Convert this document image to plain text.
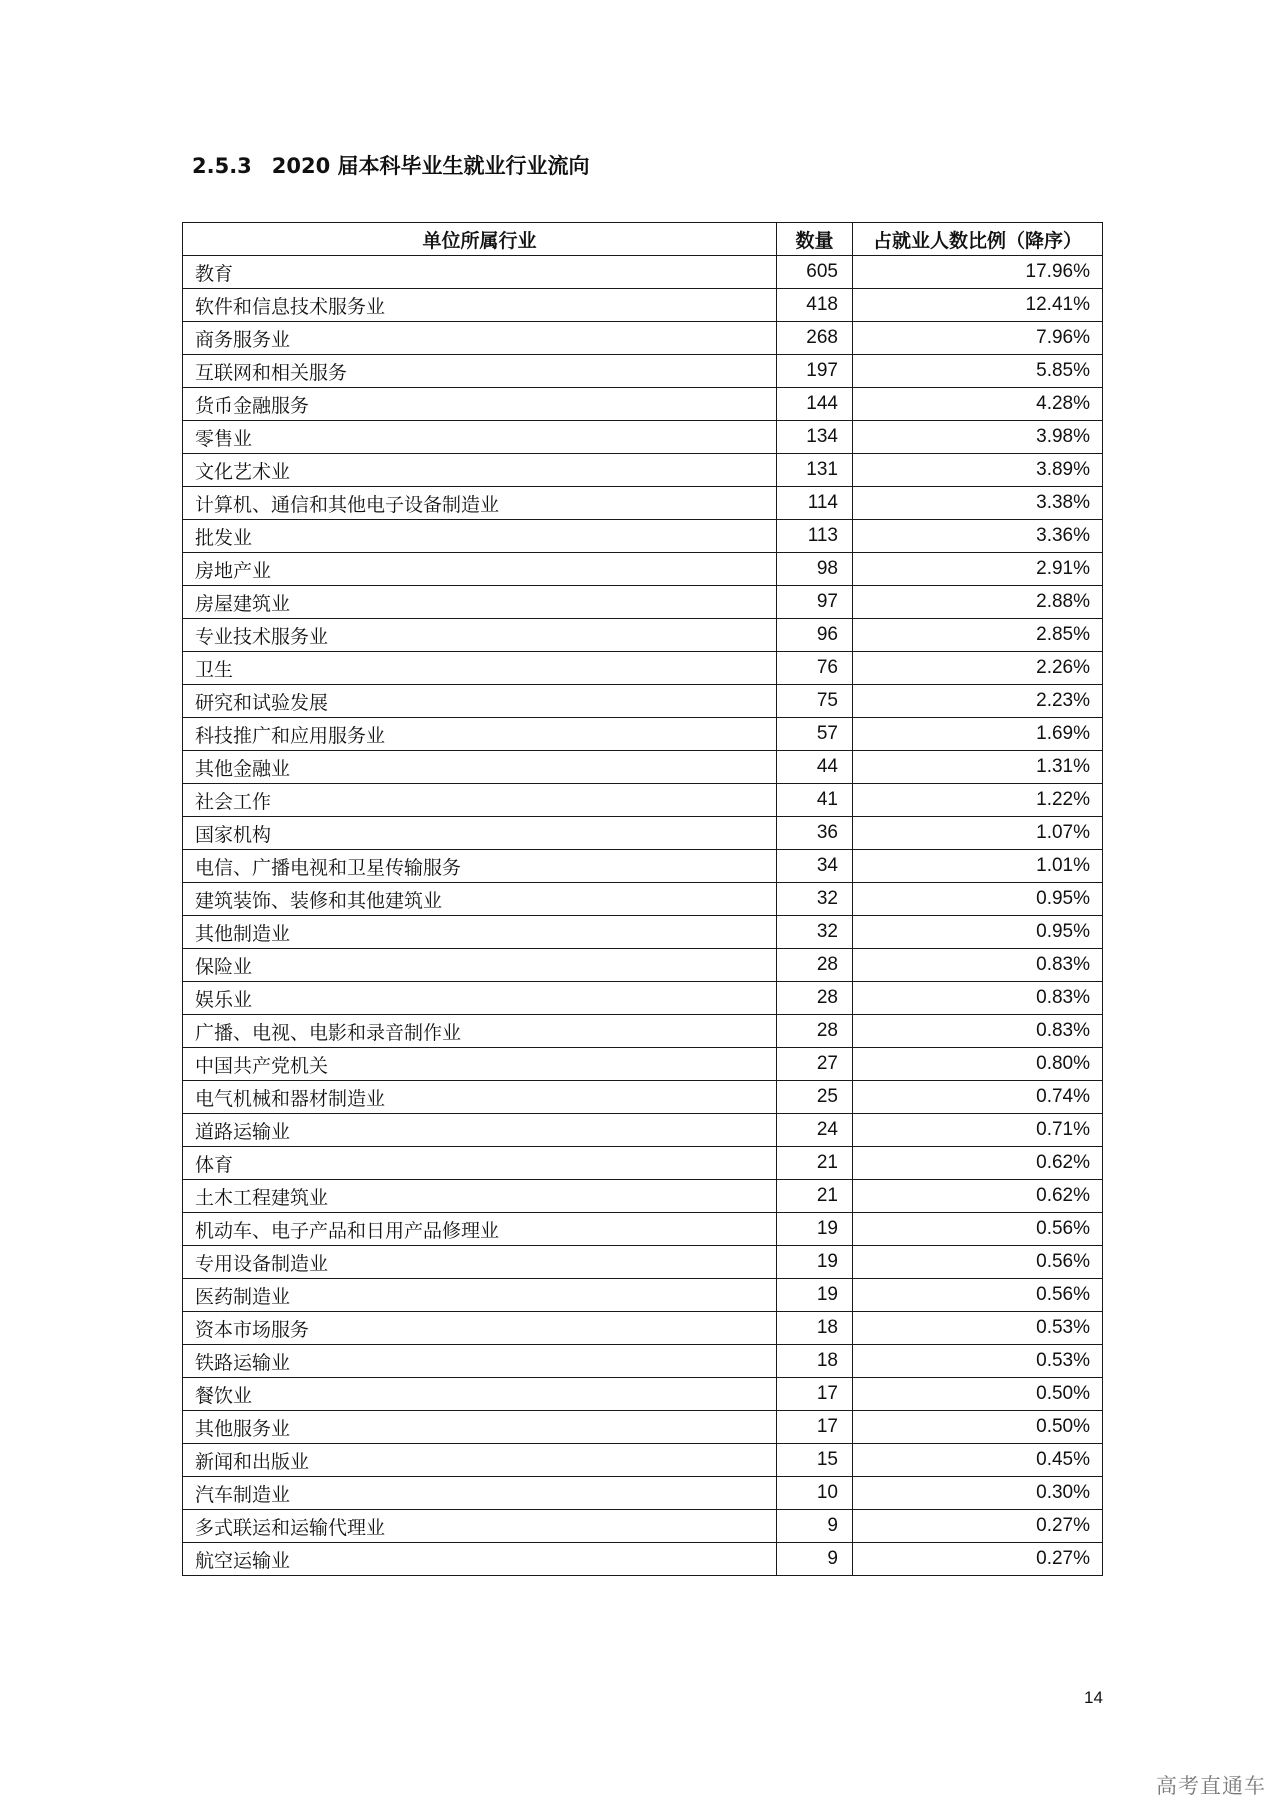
2.5.3 2020 届本科毕业生就业行业流向
单位所属行业	数量	占就业人数比例（降序）
教育	605	17.96%
软件和信息技术服务业	418	12.41%
商务服务业	268	7.96%
互联网和相关服务	197	5.85%
货币金融服务	144	4.28%
零售业	134	3.98%
文化艺术业	131	3.89%
计算机、通信和其他电子设备制造业	114	3.38%
批发业	113	3.36%
房地产业	98	2.91%
房屋建筑业	97	2.88%
专业技术服务业	96	2.85%
卫生	76	2.26%
研究和试验发展	75	2.23%
科技推广和应用服务业	57	1.69%
其他金融业	44	1.31%
社会工作	41	1.22%
国家机构	36	1.07%
电信、广播电视和卫星传输服务	34	1.01%
建筑装饰、装修和其他建筑业	32	0.95%
其他制造业	32	0.95%
保险业	28	0.83%
娱乐业	28	0.83%
广播、电视、电影和录音制作业	28	0.83%
中国共产党机关	27	0.80%
电气机械和器材制造业	25	0.74%
道路运输业	24	0.71%
体育	21	0.62%
土木工程建筑业	21	0.62%
机动车、电子产品和日用产品修理业	19	0.56%
专用设备制造业	19	0.56%
医药制造业	19	0.56%
资本市场服务	18	0.53%
铁路运输业	18	0.53%
餐饮业	17	0.50%
其他服务业	17	0.50%
新闻和出版业	15	0.45%
汽车制造业	10	0.30%
多式联运和运输代理业	9	0.27%
航空运输业	9	0.27%
14
高考直通车
